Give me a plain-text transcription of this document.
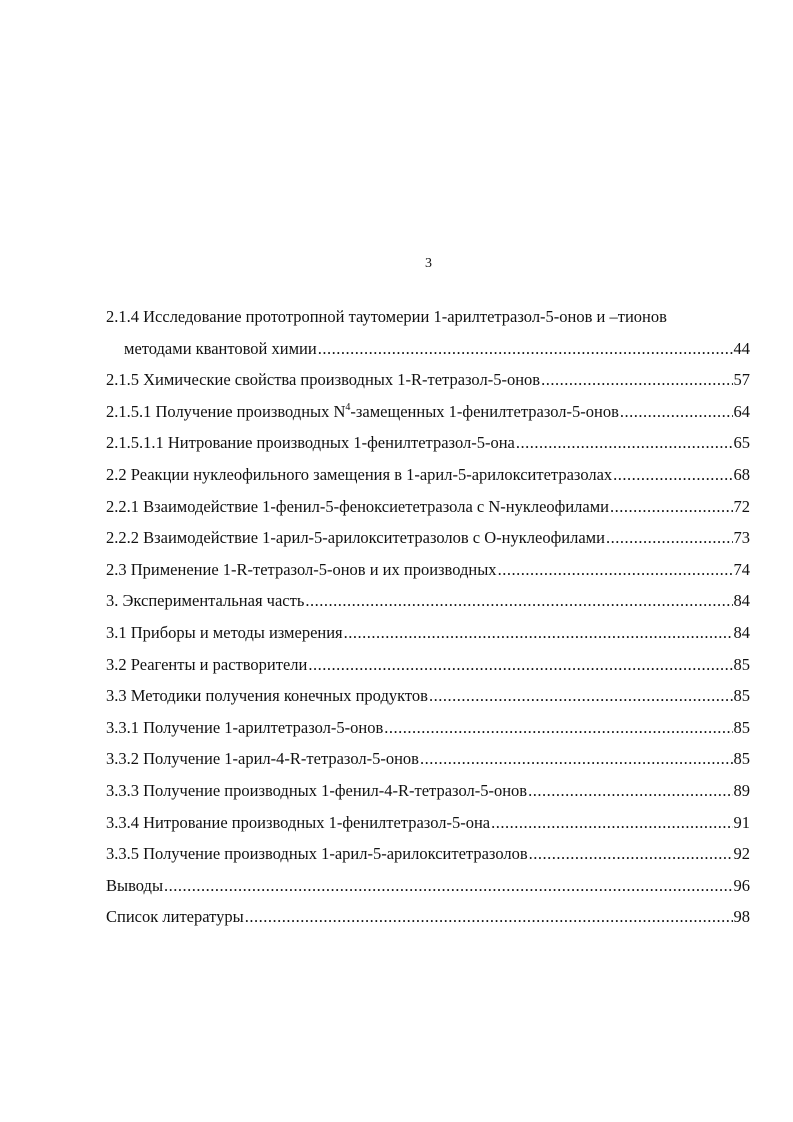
3
2.1.4 Исследование прототропной таутомерии 1-арилтетразол-5-онов и –тионов
методами квантовой химии .....	44
2.1.5 Химические свойства производных 1-R-тетразол-5-онов .....	57
2.1.5.1 Получение производных $N^4$-замещенных 1-фенилтетразол-5-онов .....	64
2.1.5.1.1 Нитрование производных 1-фенилтетразол-5-она .....	65
2.2 Реакции нуклеофильного замещения в 1-арил-5-арилокситетразолах .....	68
2.2.1 Взаимодействие 1-фенил-5-феноксиететразола с N-нуклеофилами .....	72
2.2.2 Взаимодействие 1-арил-5-арилокситетразолов с O-нуклеофилами .....	73
2.3 Применение 1-R-тетразол-5-онов и их производных .....	74
3. Экспериментальная часть .....	84
3.1 Приборы и методы измерения .....	84
3.2 Реагенты и растворители .....	85
3.3 Методики получения конечных продуктов .....	85
3.3.1 Получение 1-арилтетразол-5-онов .....	85
3.3.2 Получение 1-арил-4-R-тетразол-5-онов .....	85
3.3.3 Получение производных 1-фенил-4-R-тетразол-5-онов .....	89
3.3.4 Нитрование производных 1-фенилтетразол-5-она .....	91
3.3.5 Получение производных 1-арил-5-арилокситетразолов .....	92
Выводы .....	96
Список литературы .....	98
